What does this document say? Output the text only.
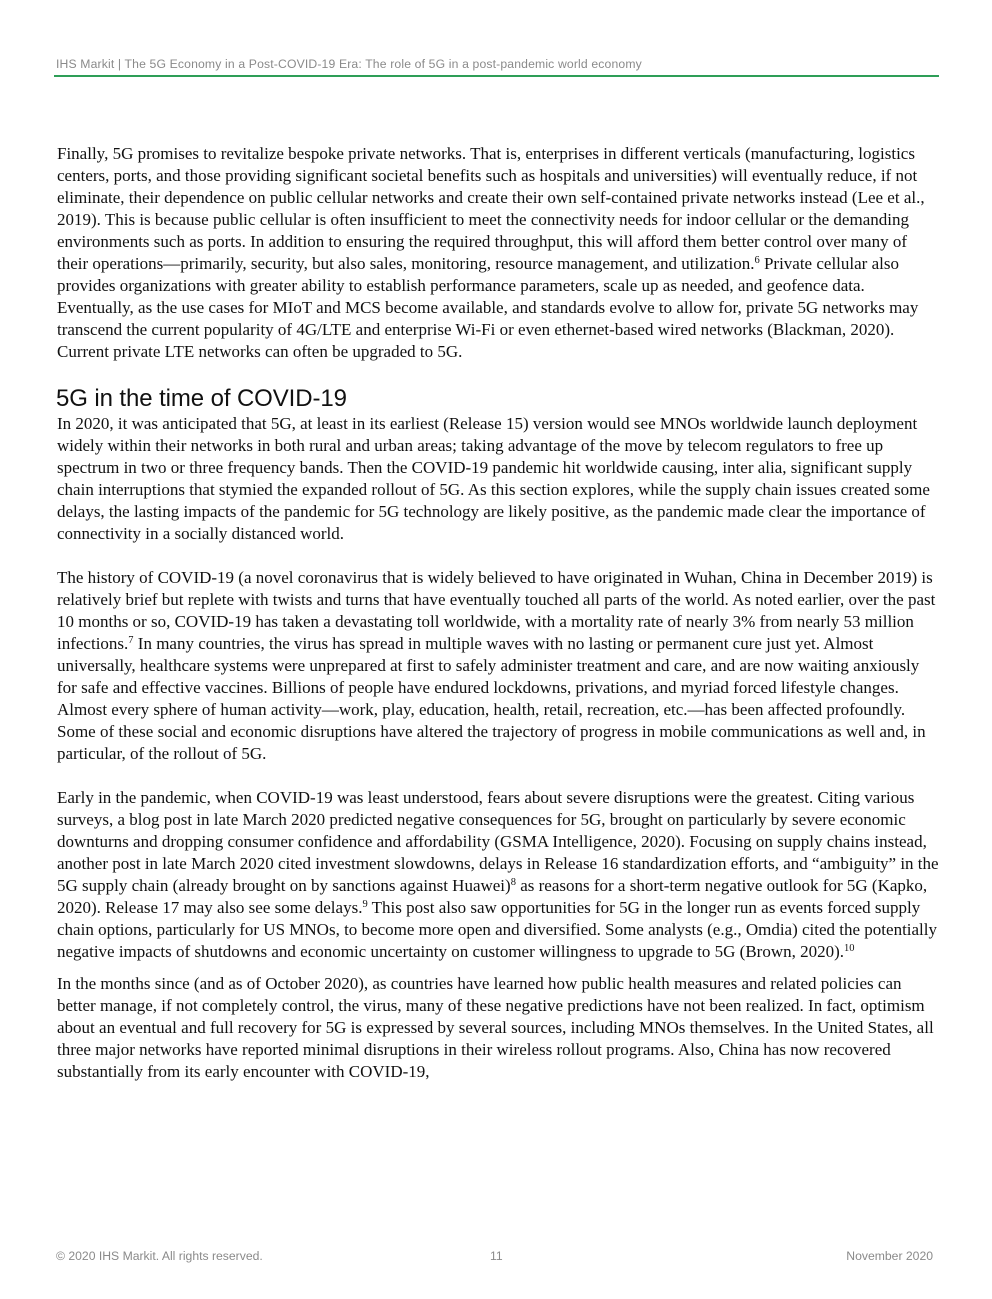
IHS Markit | The 5G Economy in a Post-COVID-19 Era: The role of 5G in a post-pandemic world economy

Finally, 5G promises to revitalize bespoke private networks. That is, enterprises in different verticals (manufacturing, logistics centers, ports, and those providing significant societal benefits such as hospitals and universities) will eventually reduce, if not eliminate, their dependence on public cellular networks and create their own self-contained private networks instead (Lee et al., 2019). This is because public cellular is often insufficient to meet the connectivity needs for indoor cellular or the demanding environments such as ports. In addition to ensuring the required throughput, this will afford them better control over many of their operations—primarily, security, but also sales, monitoring, resource management, and utilization.$^6$ Private cellular also provides organizations with greater ability to establish performance parameters, scale up as needed, and geofence data. Eventually, as the use cases for MIoT and MCS become available, and standards evolve to allow for, private 5G networks may transcend the current popularity of 4G/LTE and enterprise Wi-Fi or even ethernet-based wired networks (Blackman, 2020). Current private LTE networks can often be upgraded to 5G.

5G in the time of COVID-19

In 2020, it was anticipated that 5G, at least in its earliest (Release 15) version would see MNOs worldwide launch deployment widely within their networks in both rural and urban areas; taking advantage of the move by telecom regulators to free up spectrum in two or three frequency bands. Then the COVID-19 pandemic hit worldwide causing, inter alia, significant supply chain interruptions that stymied the expanded rollout of 5G. As this section explores, while the supply chain issues created some delays, the lasting impacts of the pandemic for 5G technology are likely positive, as the pandemic made clear the importance of connectivity in a socially distanced world.

The history of COVID-19 (a novel coronavirus that is widely believed to have originated in Wuhan, China in December 2019) is relatively brief but replete with twists and turns that have eventually touched all parts of the world. As noted earlier, over the past 10 months or so, COVID-19 has taken a devastating toll worldwide, with a mortality rate of nearly 3% from nearly 53 million infections.$^7$ In many countries, the virus has spread in multiple waves with no lasting or permanent cure just yet. Almost universally, healthcare systems were unprepared at first to safely administer treatment and care, and are now waiting anxiously for safe and effective vaccines. Billions of people have endured lockdowns, privations, and myriad forced lifestyle changes. Almost every sphere of human activity—work, play, education, health, retail, recreation, etc.—has been affected profoundly. Some of these social and economic disruptions have altered the trajectory of progress in mobile communications as well and, in particular, of the rollout of 5G.

Early in the pandemic, when COVID-19 was least understood, fears about severe disruptions were the greatest. Citing various surveys, a blog post in late March 2020 predicted negative consequences for 5G, brought on particularly by severe economic downturns and dropping consumer confidence and affordability (GSMA Intelligence, 2020). Focusing on supply chains instead, another post in late March 2020 cited investment slowdowns, delays in Release 16 standardization efforts, and “ambiguity” in the 5G supply chain (already brought on by sanctions against Huawei)$^8$ as reasons for a short-term negative outlook for 5G (Kapko, 2020). Release 17 may also see some delays.$^9$ This post also saw opportunities for 5G in the longer run as events forced supply chain options, particularly for US MNOs, to become more open and diversified. Some analysts (e.g., Omdia) cited the potentially negative impacts of shutdowns and economic uncertainty on customer willingness to upgrade to 5G (Brown, 2020).$^{10}$

In the months since (and as of October 2020), as countries have learned how public health measures and related policies can better manage, if not completely control, the virus, many of these negative predictions have not been realized. In fact, optimism about an eventual and full recovery for 5G is expressed by several sources, including MNOs themselves. In the United States, all three major networks have reported minimal disruptions in their wireless rollout programs. Also, China has now recovered substantially from its early encounter with COVID-19,

© 2020 IHS Markit. All rights reserved.	11	November 2020
